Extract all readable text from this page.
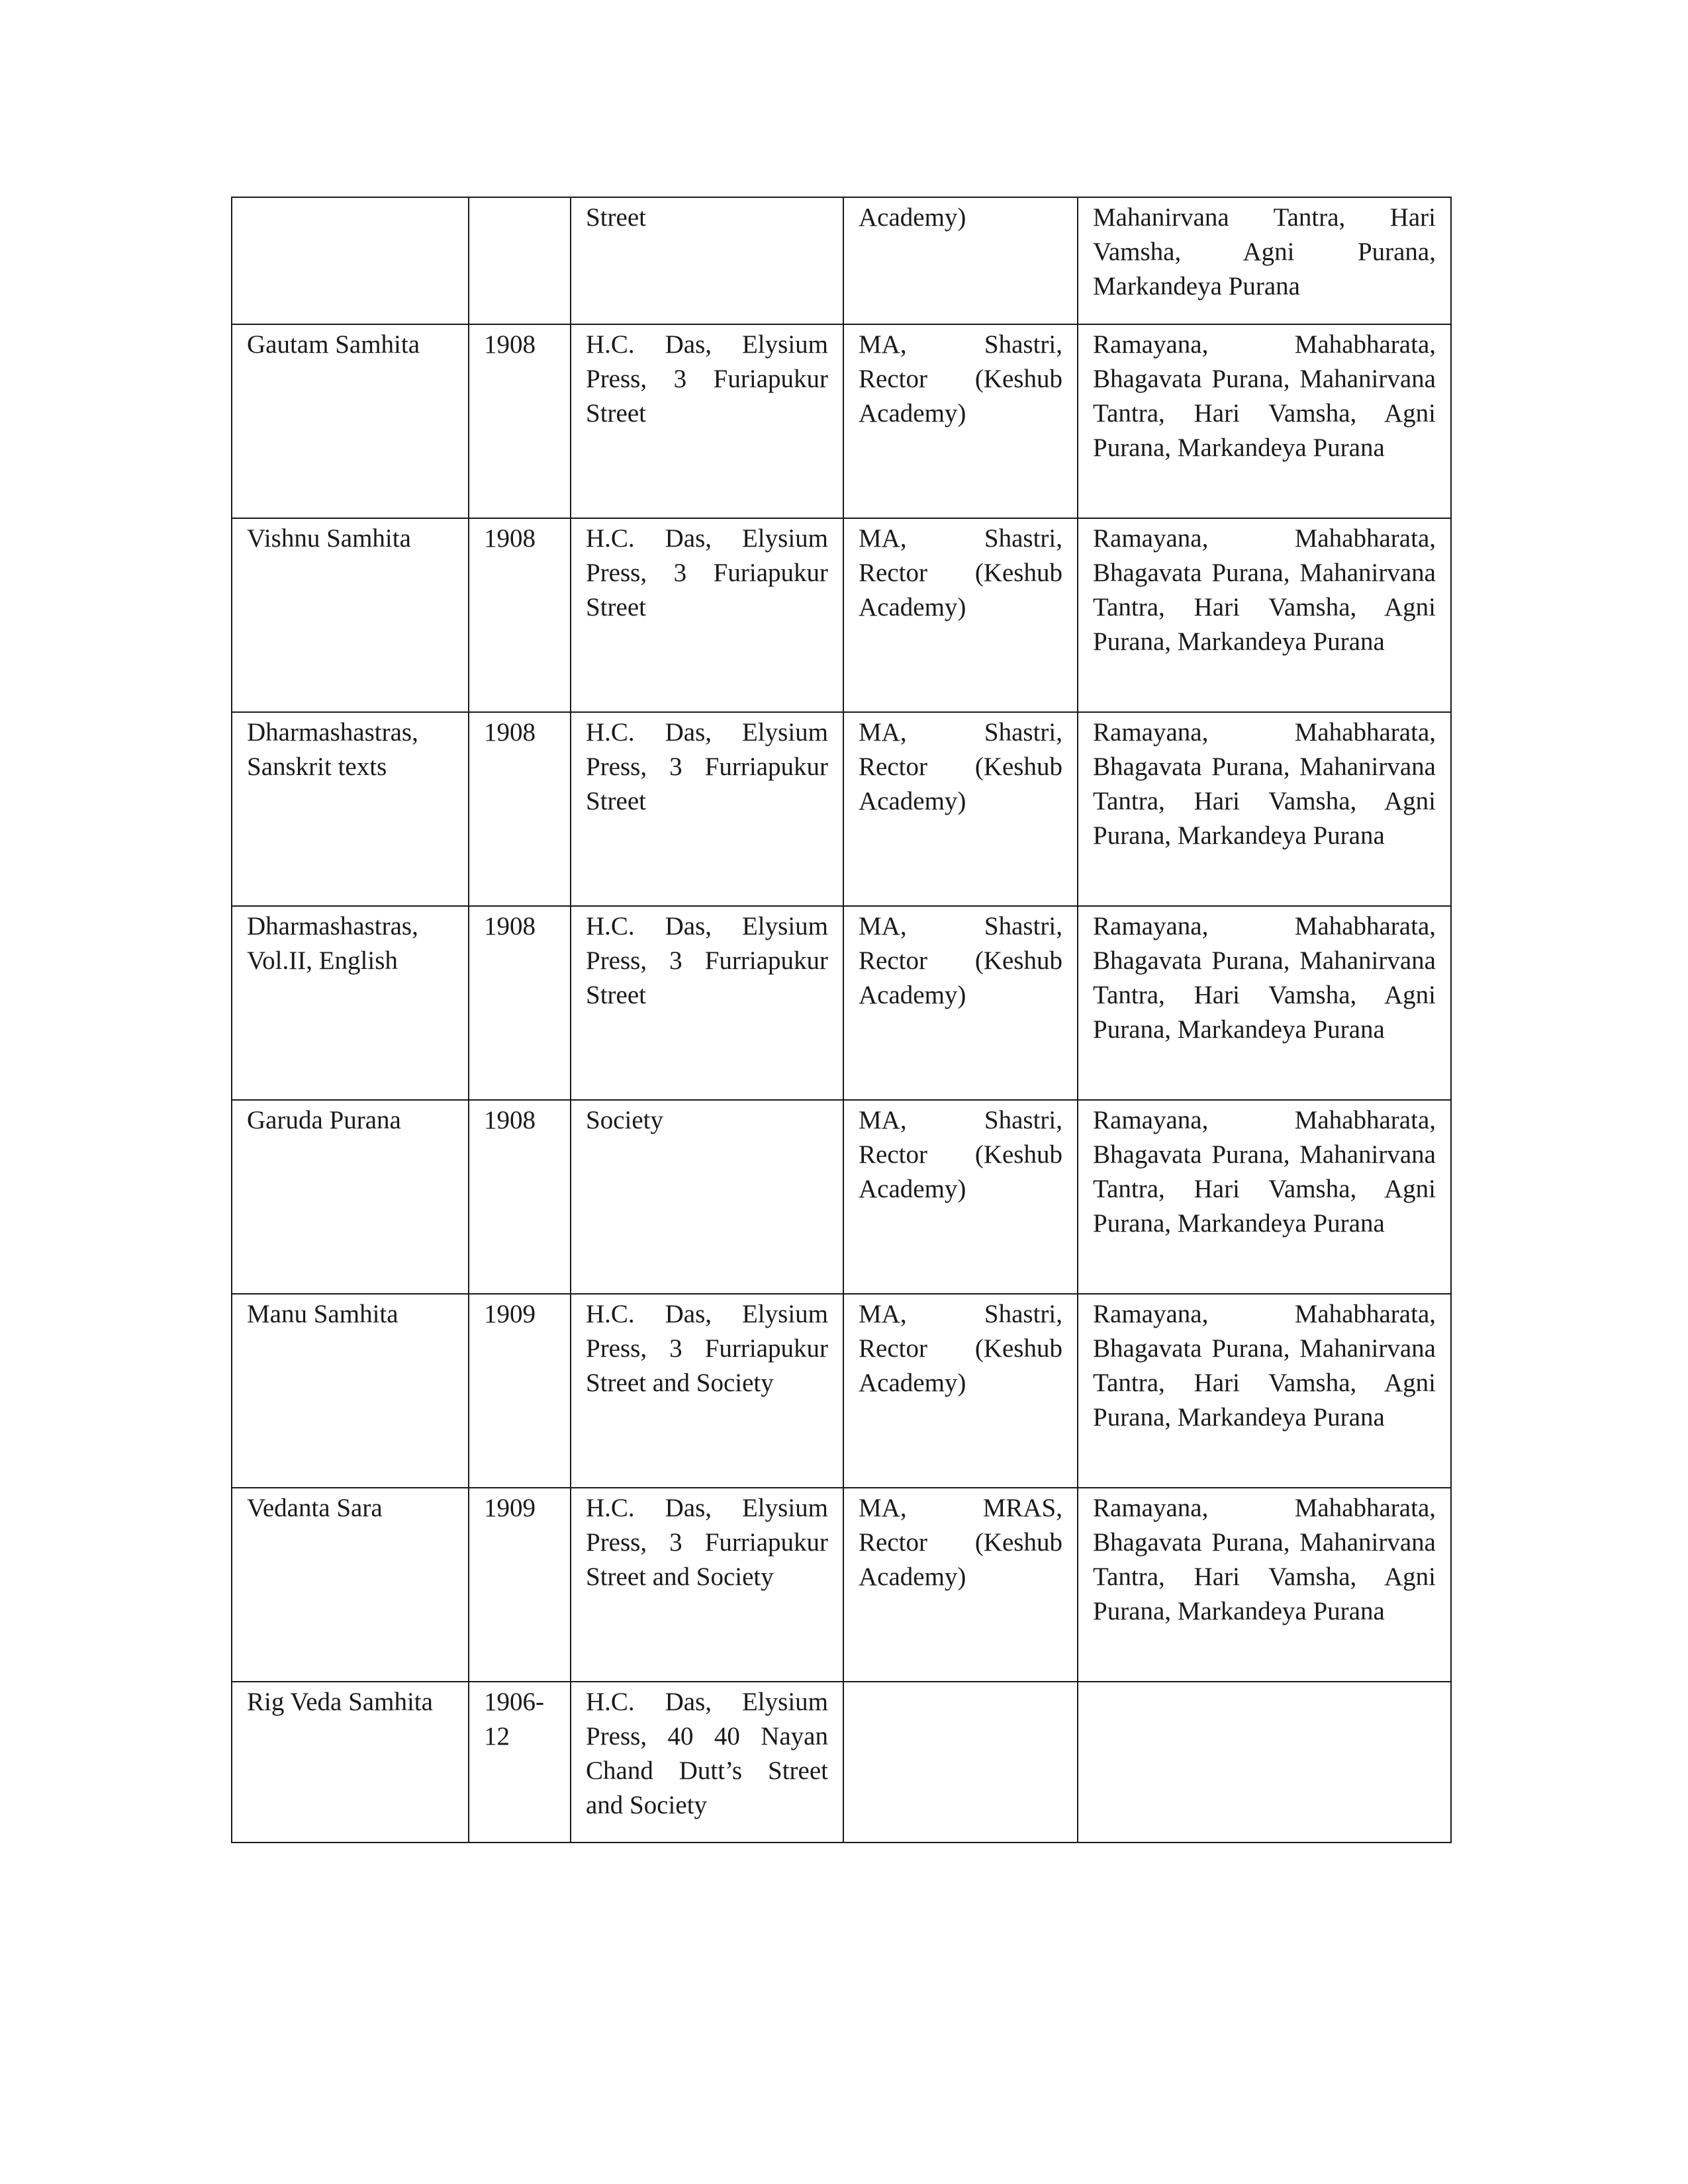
		Street	Academy)	Mahanirvana Tantra, Hari Vamsha, Agni Purana, Markandeya Purana
Gautam Samhita	1908	H.C. Das, Elysium Press, 3 Furiapukur Street	MA, Shastri, Rector (Keshub Academy)	Ramayana, Mahabharata, Bhagavata Purana, Mahanirvana Tantra, Hari Vamsha, Agni Purana, Markandeya Purana
Vishnu Samhita	1908	H.C. Das, Elysium Press, 3 Furiapukur Street	MA, Shastri, Rector (Keshub Academy)	Ramayana, Mahabharata, Bhagavata Purana, Mahanirvana Tantra, Hari Vamsha, Agni Purana, Markandeya Purana
Dharmashastras, Sanskrit texts	1908	H.C. Das, Elysium Press, 3 Furriapukur Street	MA, Shastri, Rector (Keshub Academy)	Ramayana, Mahabharata, Bhagavata Purana, Mahanirvana Tantra, Hari Vamsha, Agni Purana, Markandeya Purana
Dharmashastras, Vol.II, English	1908	H.C. Das, Elysium Press, 3 Furriapukur Street	MA, Shastri, Rector (Keshub Academy)	Ramayana, Mahabharata, Bhagavata Purana, Mahanirvana Tantra, Hari Vamsha, Agni Purana, Markandeya Purana
Garuda Purana	1908	Society	MA, Shastri, Rector (Keshub Academy)	Ramayana, Mahabharata, Bhagavata Purana, Mahanirvana Tantra, Hari Vamsha, Agni Purana, Markandeya Purana
Manu Samhita	1909	H.C. Das, Elysium Press, 3 Furriapukur Street and Society	MA, Shastri, Rector (Keshub Academy)	Ramayana, Mahabharata, Bhagavata Purana, Mahanirvana Tantra, Hari Vamsha, Agni Purana, Markandeya Purana
Vedanta Sara	1909	H.C. Das, Elysium Press, 3 Furriapukur Street and Society	MA, MRAS, Rector (Keshub Academy)	Ramayana, Mahabharata, Bhagavata Purana, Mahanirvana Tantra, Hari Vamsha, Agni Purana, Markandeya Purana
Rig Veda Samhita	1906-12	H.C. Das, Elysium Press, 40 40 Nayan Chand Dutt’s Street and Society		
